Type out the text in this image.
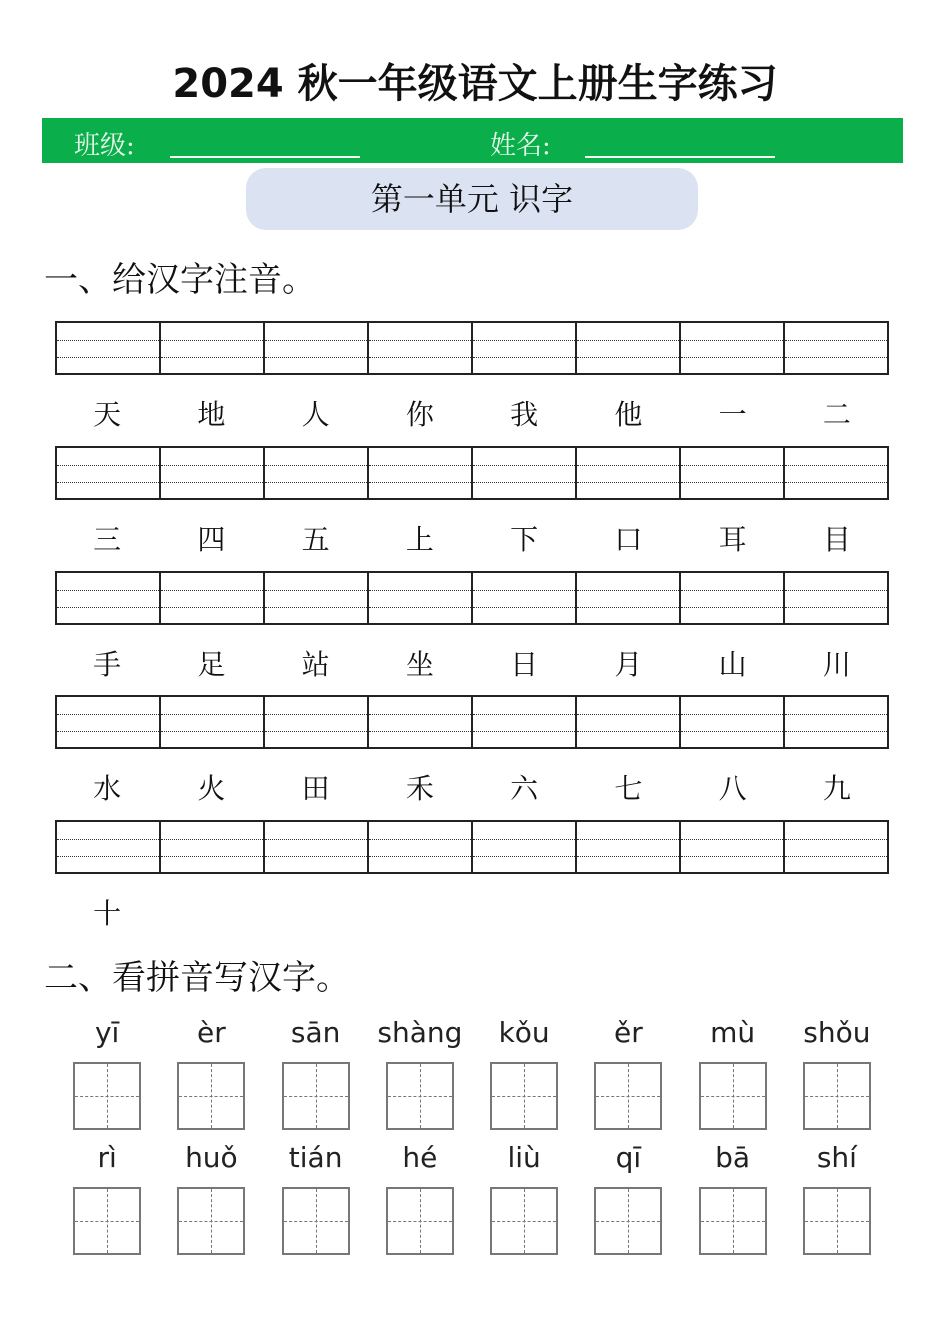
2024 秋一年级语文上册生字练习
班级:	姓名:
第一单元 识字
一、给汉字注音。
天	地	人	你	我	他	一	二
三	四	五	上	下	口	耳	目
手	足	站	坐	日	月	山	川
水	火	田	禾	六	七	八	九
十
二、看拼音写汉字。
yī	èr	sān	shàng	kǒu	ěr	mù	shǒu
rì	huǒ	tián	hé	liù	qī	bā	shí
